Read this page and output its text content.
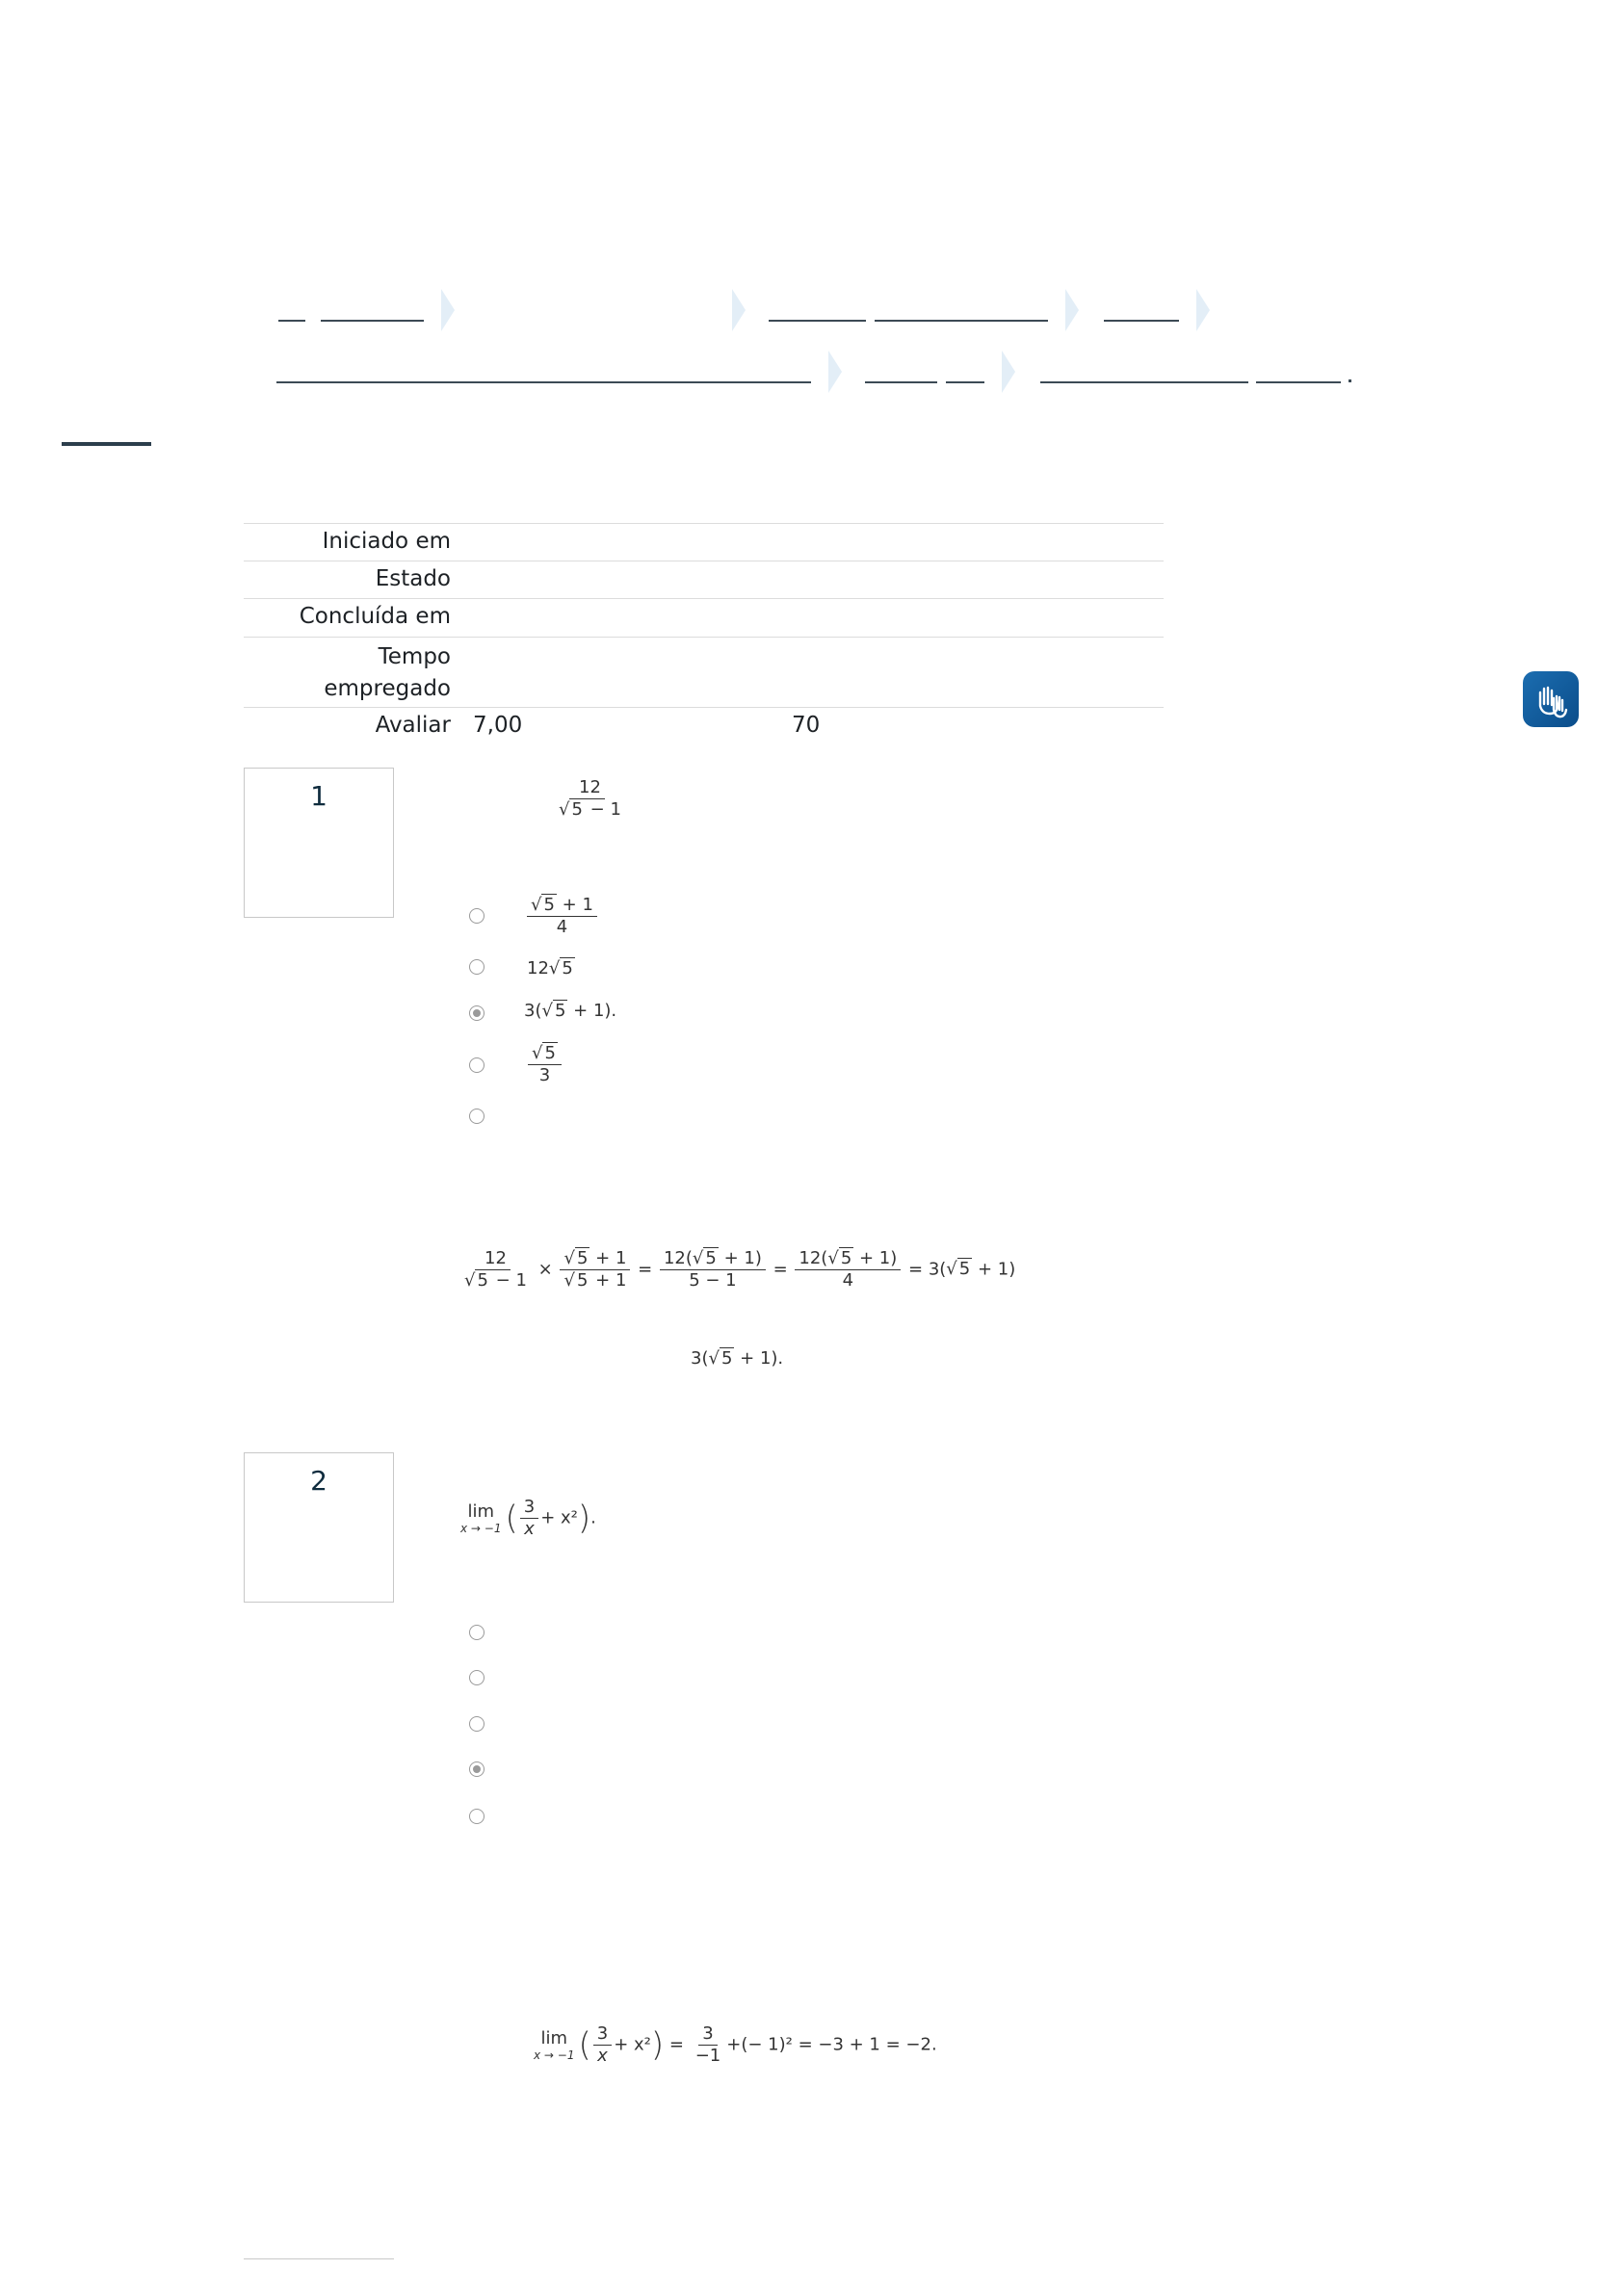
Iniciado em
Estado
Concluída em
Tempo
empregado
Avaliar 7,00	70
1	$\frac{12}{√ 5 - 1}$
$\frac{√ 5 + 1}{4}$
12√ 5
3(√ 5 + 1).
$\frac{√ 5}{3}$
$\frac{12}{√ 5 - 1} \times \frac{√ 5 + 1}{√ 5 + 1} = \frac{12(√ 5 + 1)}{5 - 1} = \frac{12(√ 5 + 1)}{4} = 3(√$ 5 + 1)
3(√ 5 + 1).
2
lim
x → −1 ( $\frac{3}{x} + x^2$).
lim
x → −1 ( $\frac{3}{x} + x^2) = \frac{3}{-1}$ +(− 1)² = −3 + 1 = −2.
